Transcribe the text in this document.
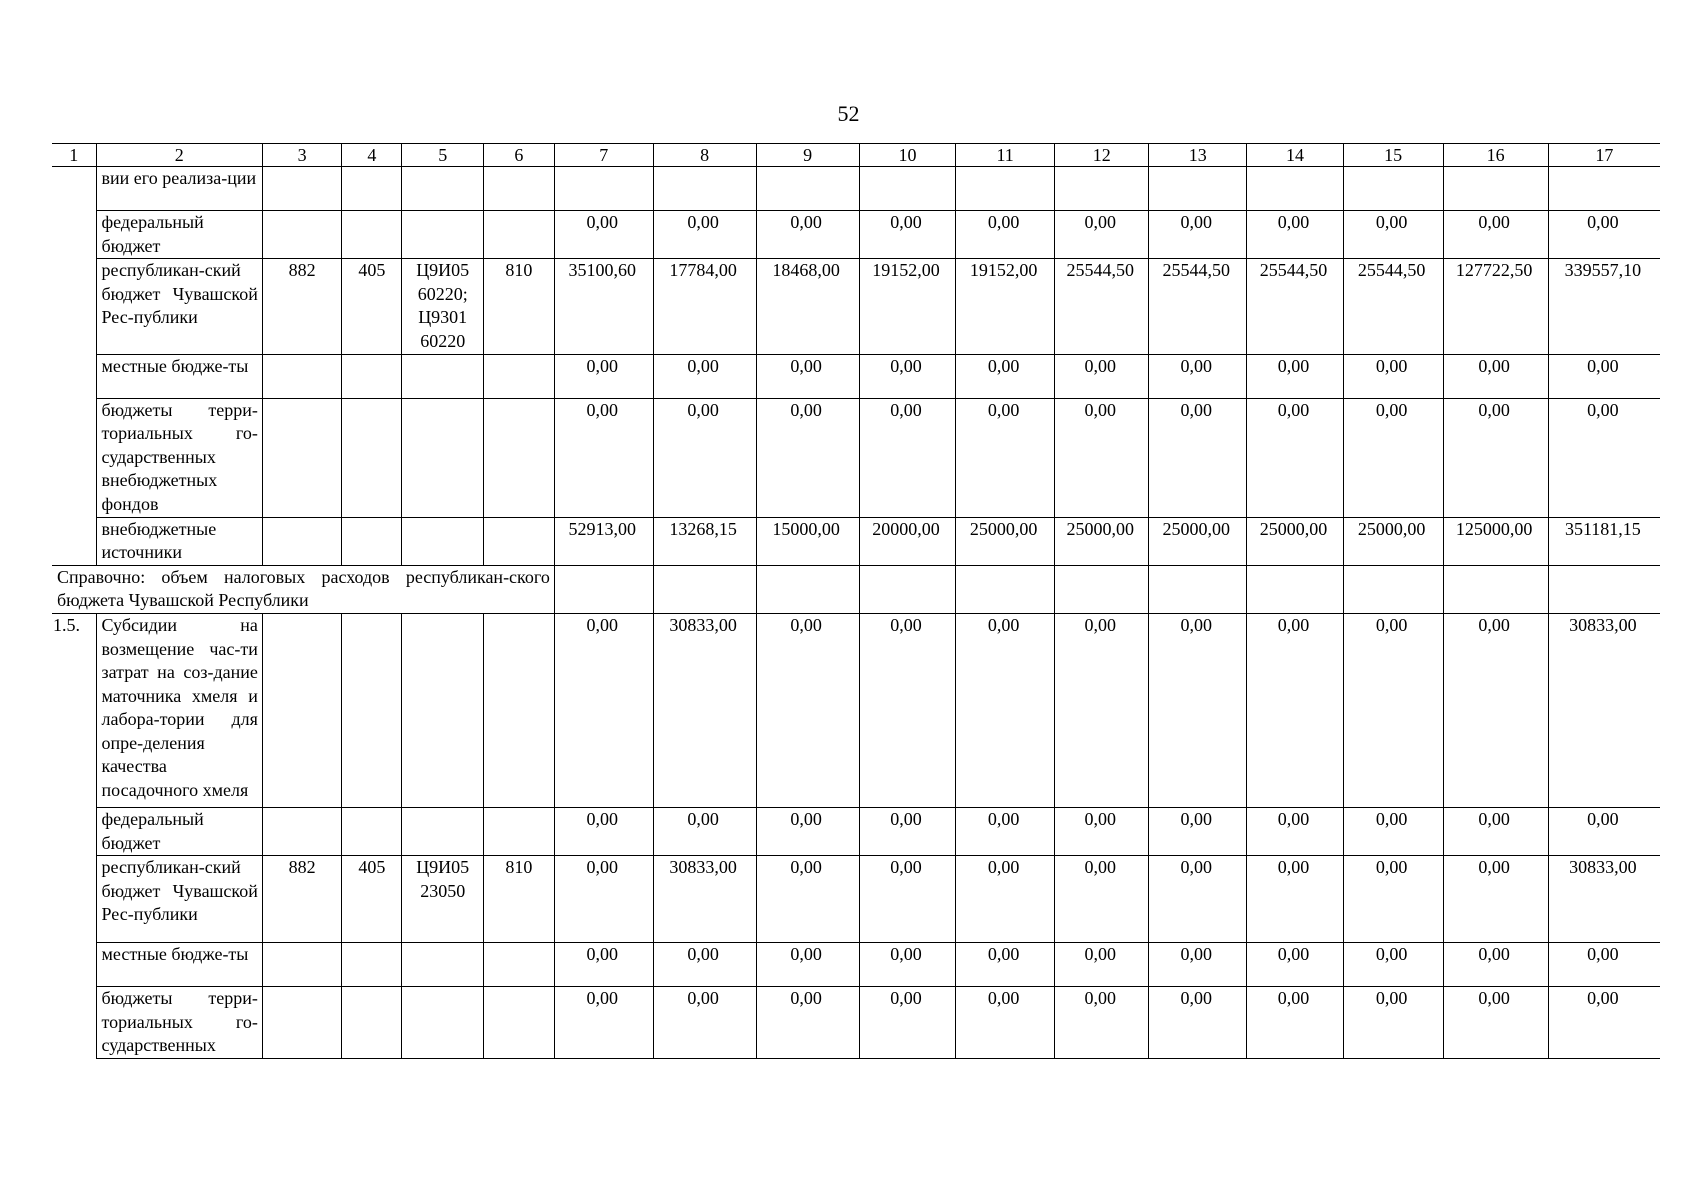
52
1	2	3	4	5	6	7	8	9	10	11	12	13	14	15	16	17
	вии его реализа-ции															
	федеральный бюджет					0,00	0,00	0,00	0,00	0,00	0,00	0,00	0,00	0,00	0,00	0,00
	республикан-ский бюджет Чувашской Рес-публики	882	405	Ц9И05 60220; Ц9301 60220	810	35100,60	17784,00	18468,00	19152,00	19152,00	25544,50	25544,50	25544,50	25544,50	127722,50	339557,10
	местные бюдже-ты					0,00	0,00	0,00	0,00	0,00	0,00	0,00	0,00	0,00	0,00	0,00
	бюджеты терри-ториальных го-сударственных внебюджетных фондов					0,00	0,00	0,00	0,00	0,00	0,00	0,00	0,00	0,00	0,00	0,00
	внебюджетные источники					52913,00	13268,15	15000,00	20000,00	25000,00	25000,00	25000,00	25000,00	25000,00	125000,00	351181,15
Справочно: объем налоговых расходов республикан-ского бюджета Чувашской Республики																
1.5.	Субсидии на возмещение час-ти затрат на соз-дание маточника хмеля и лабора-тории для опре-деления качества посадочного хмеля					0,00	30833,00	0,00	0,00	0,00	0,00	0,00	0,00	0,00	0,00	30833,00
	федеральный бюджет					0,00	0,00	0,00	0,00	0,00	0,00	0,00	0,00	0,00	0,00	0,00
	республикан-ский бюджет Чувашской Рес-публики	882	405	Ц9И05 23050	810	0,00	30833,00	0,00	0,00	0,00	0,00	0,00	0,00	0,00	0,00	30833,00
	местные бюдже-ты					0,00	0,00	0,00	0,00	0,00	0,00	0,00	0,00	0,00	0,00	0,00
	бюджеты терри-ториальных го-сударственных					0,00	0,00	0,00	0,00	0,00	0,00	0,00	0,00	0,00	0,00	0,00
